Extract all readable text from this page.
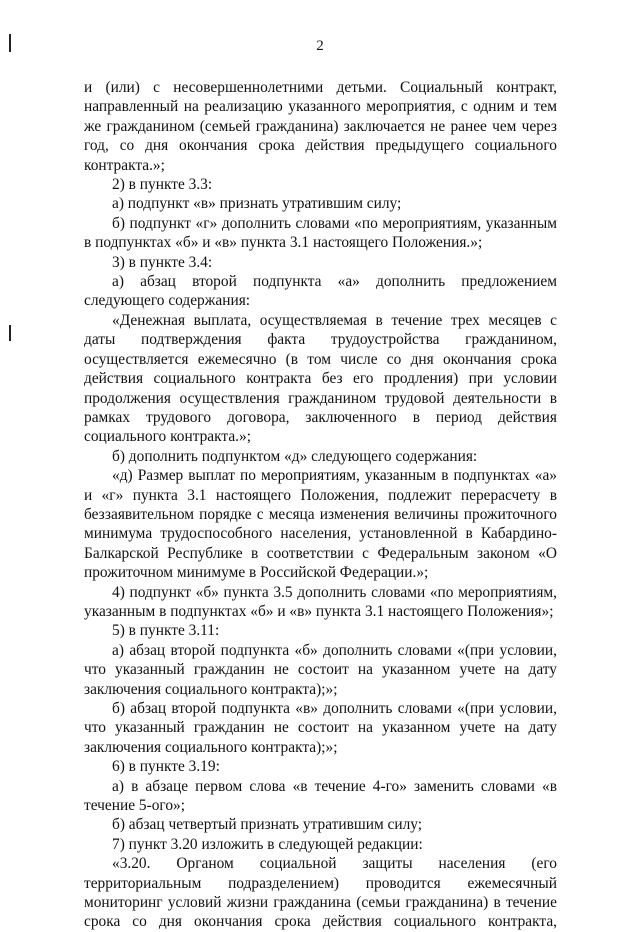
2

и (или) с несовершеннолетними детьми. Социальный контракт, направленный на реализацию указанного мероприятия, с одним и тем же гражданином (семьей гражданина) заключается не ранее чем через год, со дня окончания срока действия предыдущего социального контракта.»;

2) в пункте 3.3:

а) подпункт «в» признать утратившим силу;

б) подпункт «г» дополнить словами «по мероприятиям, указанным в подпунктах «б» и «в» пункта 3.1 настоящего Положения.»;

3) в пункте 3.4:

а) абзац второй подпункта «а» дополнить предложением следующего содержания:

«Денежная выплата, осуществляемая в течение трех месяцев с даты подтверждения факта трудоустройства гражданином, осуществляется ежемесячно (в том числе со дня окончания срока действия социального контракта без его продления) при условии продолжения осуществления гражданином трудовой деятельности в рамках трудового договора, заключенного в период действия социального контракта.»;

б) дополнить подпунктом «д» следующего содержания:

«д) Размер выплат по мероприятиям, указанным в подпунктах «а» и «г» пункта 3.1 настоящего Положения, подлежит перерасчету в беззаявительном порядке с месяца изменения величины прожиточного минимума трудоспособного населения, установленной в Кабардино-Балкарской Республике в соответствии с Федеральным законом «О прожиточном минимуме в Российской Федерации.»;

4) подпункт «б» пункта 3.5 дополнить словами «по мероприятиям, указанным в подпунктах «б» и «в» пункта 3.1 настоящего Положения»;

5) в пункте 3.11:

а) абзац второй подпункта «б» дополнить словами «(при условии, что указанный гражданин не состоит на указанном учете на дату заключения социального контракта);»;

б) абзац второй подпункта «в» дополнить словами «(при условии, что указанный гражданин не состоит на указанном учете на дату заключения социального контракта);»;

6) в пункте 3.19:

а) в абзаце первом слова «в течение 4-го» заменить словами «в течение 5-ого»;

б) абзац четвертый признать утратившим силу;

7) пункт 3.20 изложить в следующей редакции:

«3.20. Органом социальной защиты населения (его территориальным подразделением) проводится ежемесячный мониторинг условий жизни гражданина (семьи гражданина) в течение срока со дня окончания срока действия социального контракта,
